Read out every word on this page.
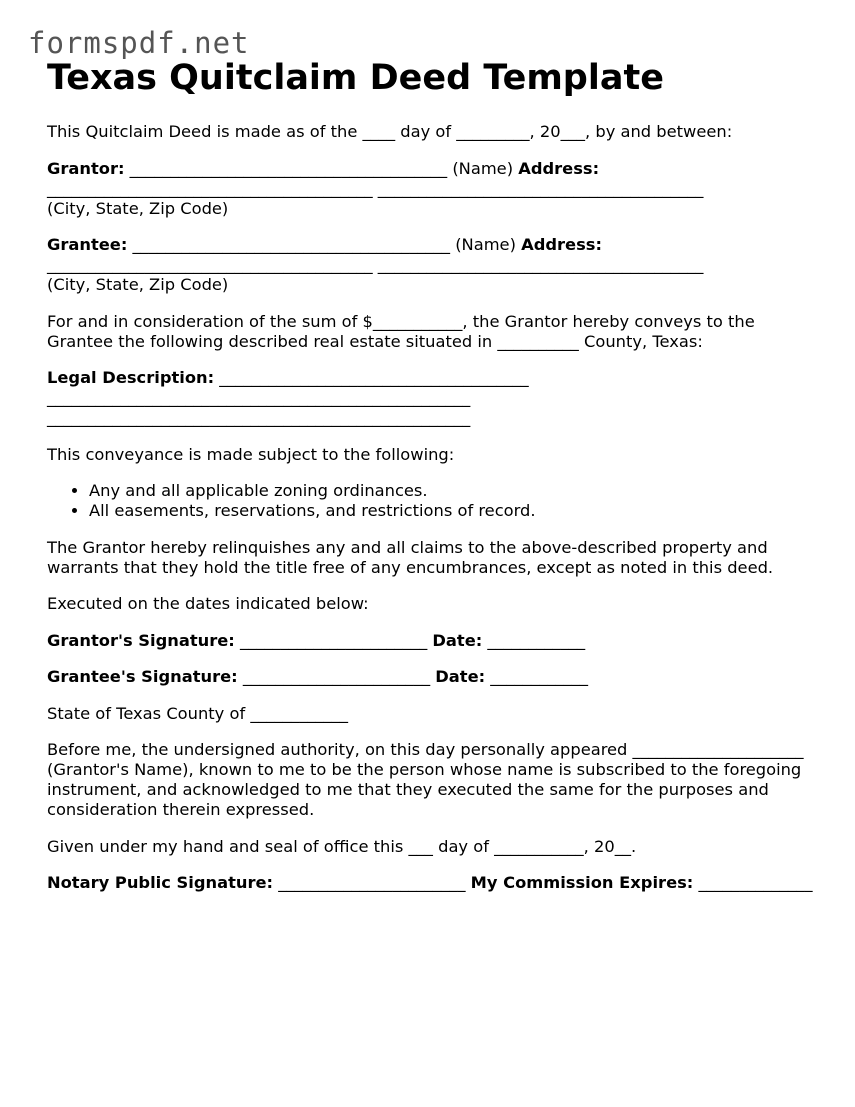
formspdf.net
Texas Quitclaim Deed Template

This Quitclaim Deed is made as of the ____ day of _________, 20___, by and between:

Grantor: _______________________________________ (Name) Address: ________________________________________ ________________________________________
(City, State, Zip Code)

Grantee: _______________________________________ (Name) Address: ________________________________________ ________________________________________
(City, State, Zip Code)

For and in consideration of the sum of $___________, the Grantor hereby conveys to the Grantee the following described real estate situated in __________ County, Texas:

Legal Description: ______________________________________ ____________________________________________________ ____________________________________________________

This conveyance is made subject to the following:

• Any and all applicable zoning ordinances.
• All easements, reservations, and restrictions of record.

The Grantor hereby relinquishes any and all claims to the above-described property and warrants that they hold the title free of any encumbrances, except as noted in this deed.

Executed on the dates indicated below:

Grantor's Signature: _______________________ Date: ____________

Grantee's Signature: _______________________ Date: ____________

State of Texas County of ____________

Before me, the undersigned authority, on this day personally appeared _____________________ (Grantor's Name), known to me to be the person whose name is subscribed to the foregoing instrument, and acknowledged to me that they executed the same for the purposes and consideration therein expressed.

Given under my hand and seal of office this ___ day of ___________, 20__.

Notary Public Signature: _______________________ My Commission Expires: ______________
